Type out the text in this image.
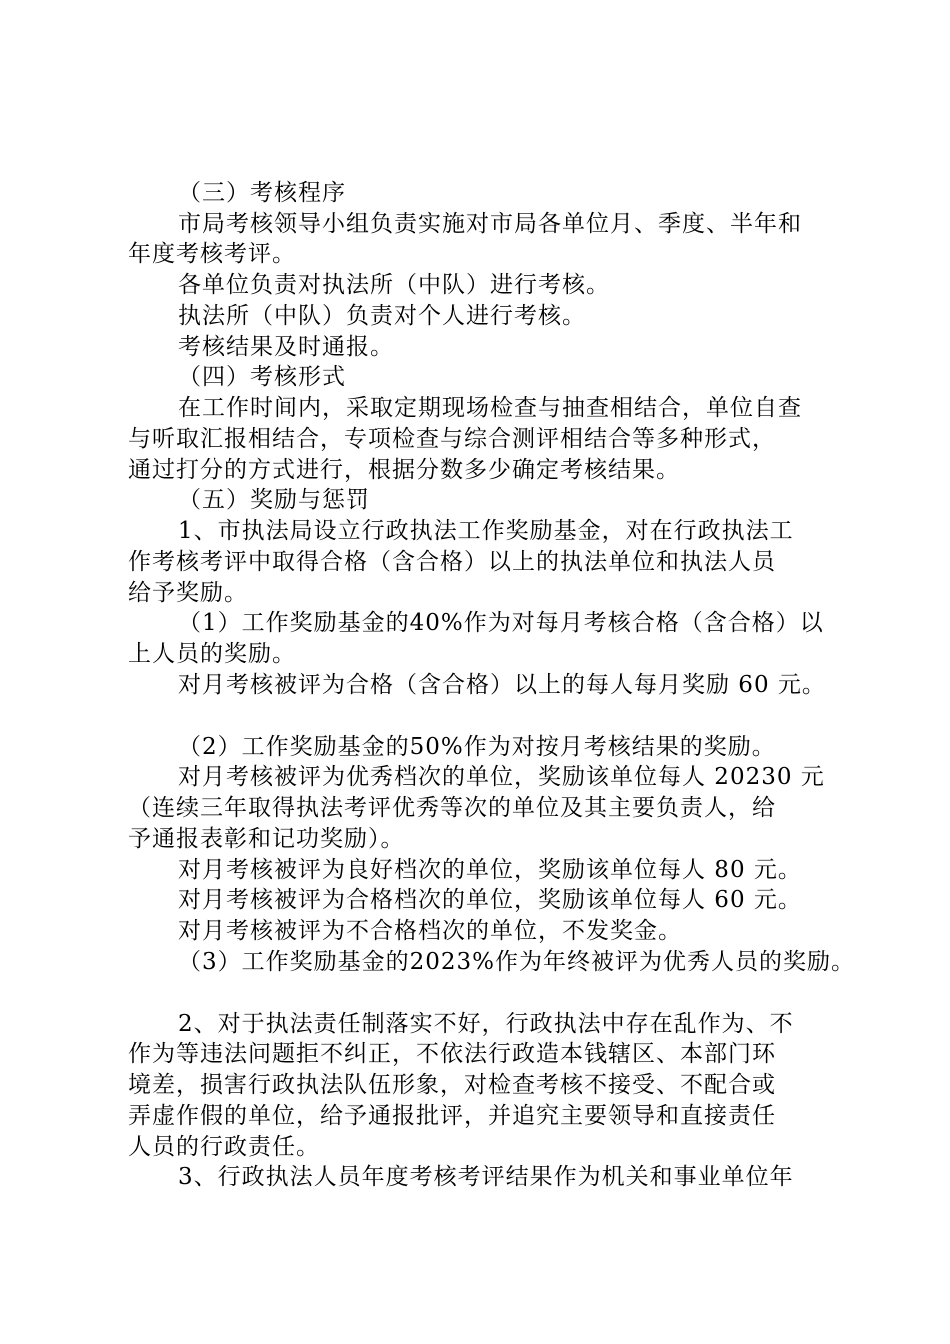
（三）考核程序
市局考核领导小组负责实施对市局各单位月、季度、半年和
年度考核考评。
各单位负责对执法所（中队）进行考核。
执法所（中队）负责对个人进行考核。
考核结果及时通报。
（四）考核形式
在工作时间内，采取定期现场检查与抽查相结合，单位自查
与听取汇报相结合，专项检查与综合测评相结合等多种形式，
通过打分的方式进行，根据分数多少确定考核结果。
（五）奖励与惩罚
1、市执法局设立行政执法工作奖励基金，对在行政执法工
作考核考评中取得合格（含合格）以上的执法单位和执法人员
给予奖励。
（1）工作奖励基金的40%作为对每月考核合格（含合格）以
上人员的奖励。
对月考核被评为合格（含合格）以上的每人每月奖励 60 元。
（2）工作奖励基金的50%作为对按月考核结果的奖励。
对月考核被评为优秀档次的单位，奖励该单位每人 20230 元
（连续三年取得执法考评优秀等次的单位及其主要负责人，给
予通报表彰和记功奖励）。
对月考核被评为良好档次的单位，奖励该单位每人 80 元。
对月考核被评为合格档次的单位，奖励该单位每人 60 元。
对月考核被评为不合格档次的单位，不发奖金。
（3）工作奖励基金的2023%作为年终被评为优秀人员的奖励。
2、对于执法责任制落实不好，行政执法中存在乱作为、不
作为等违法问题拒不纠正，不依法行政造本钱辖区、本部门环
境差，损害行政执法队伍形象，对检查考核不接受、不配合或
弄虚作假的单位，给予通报批评，并追究主要领导和直接责任
人员的行政责任。
3、行政执法人员年度考核考评结果作为机关和事业单位年
